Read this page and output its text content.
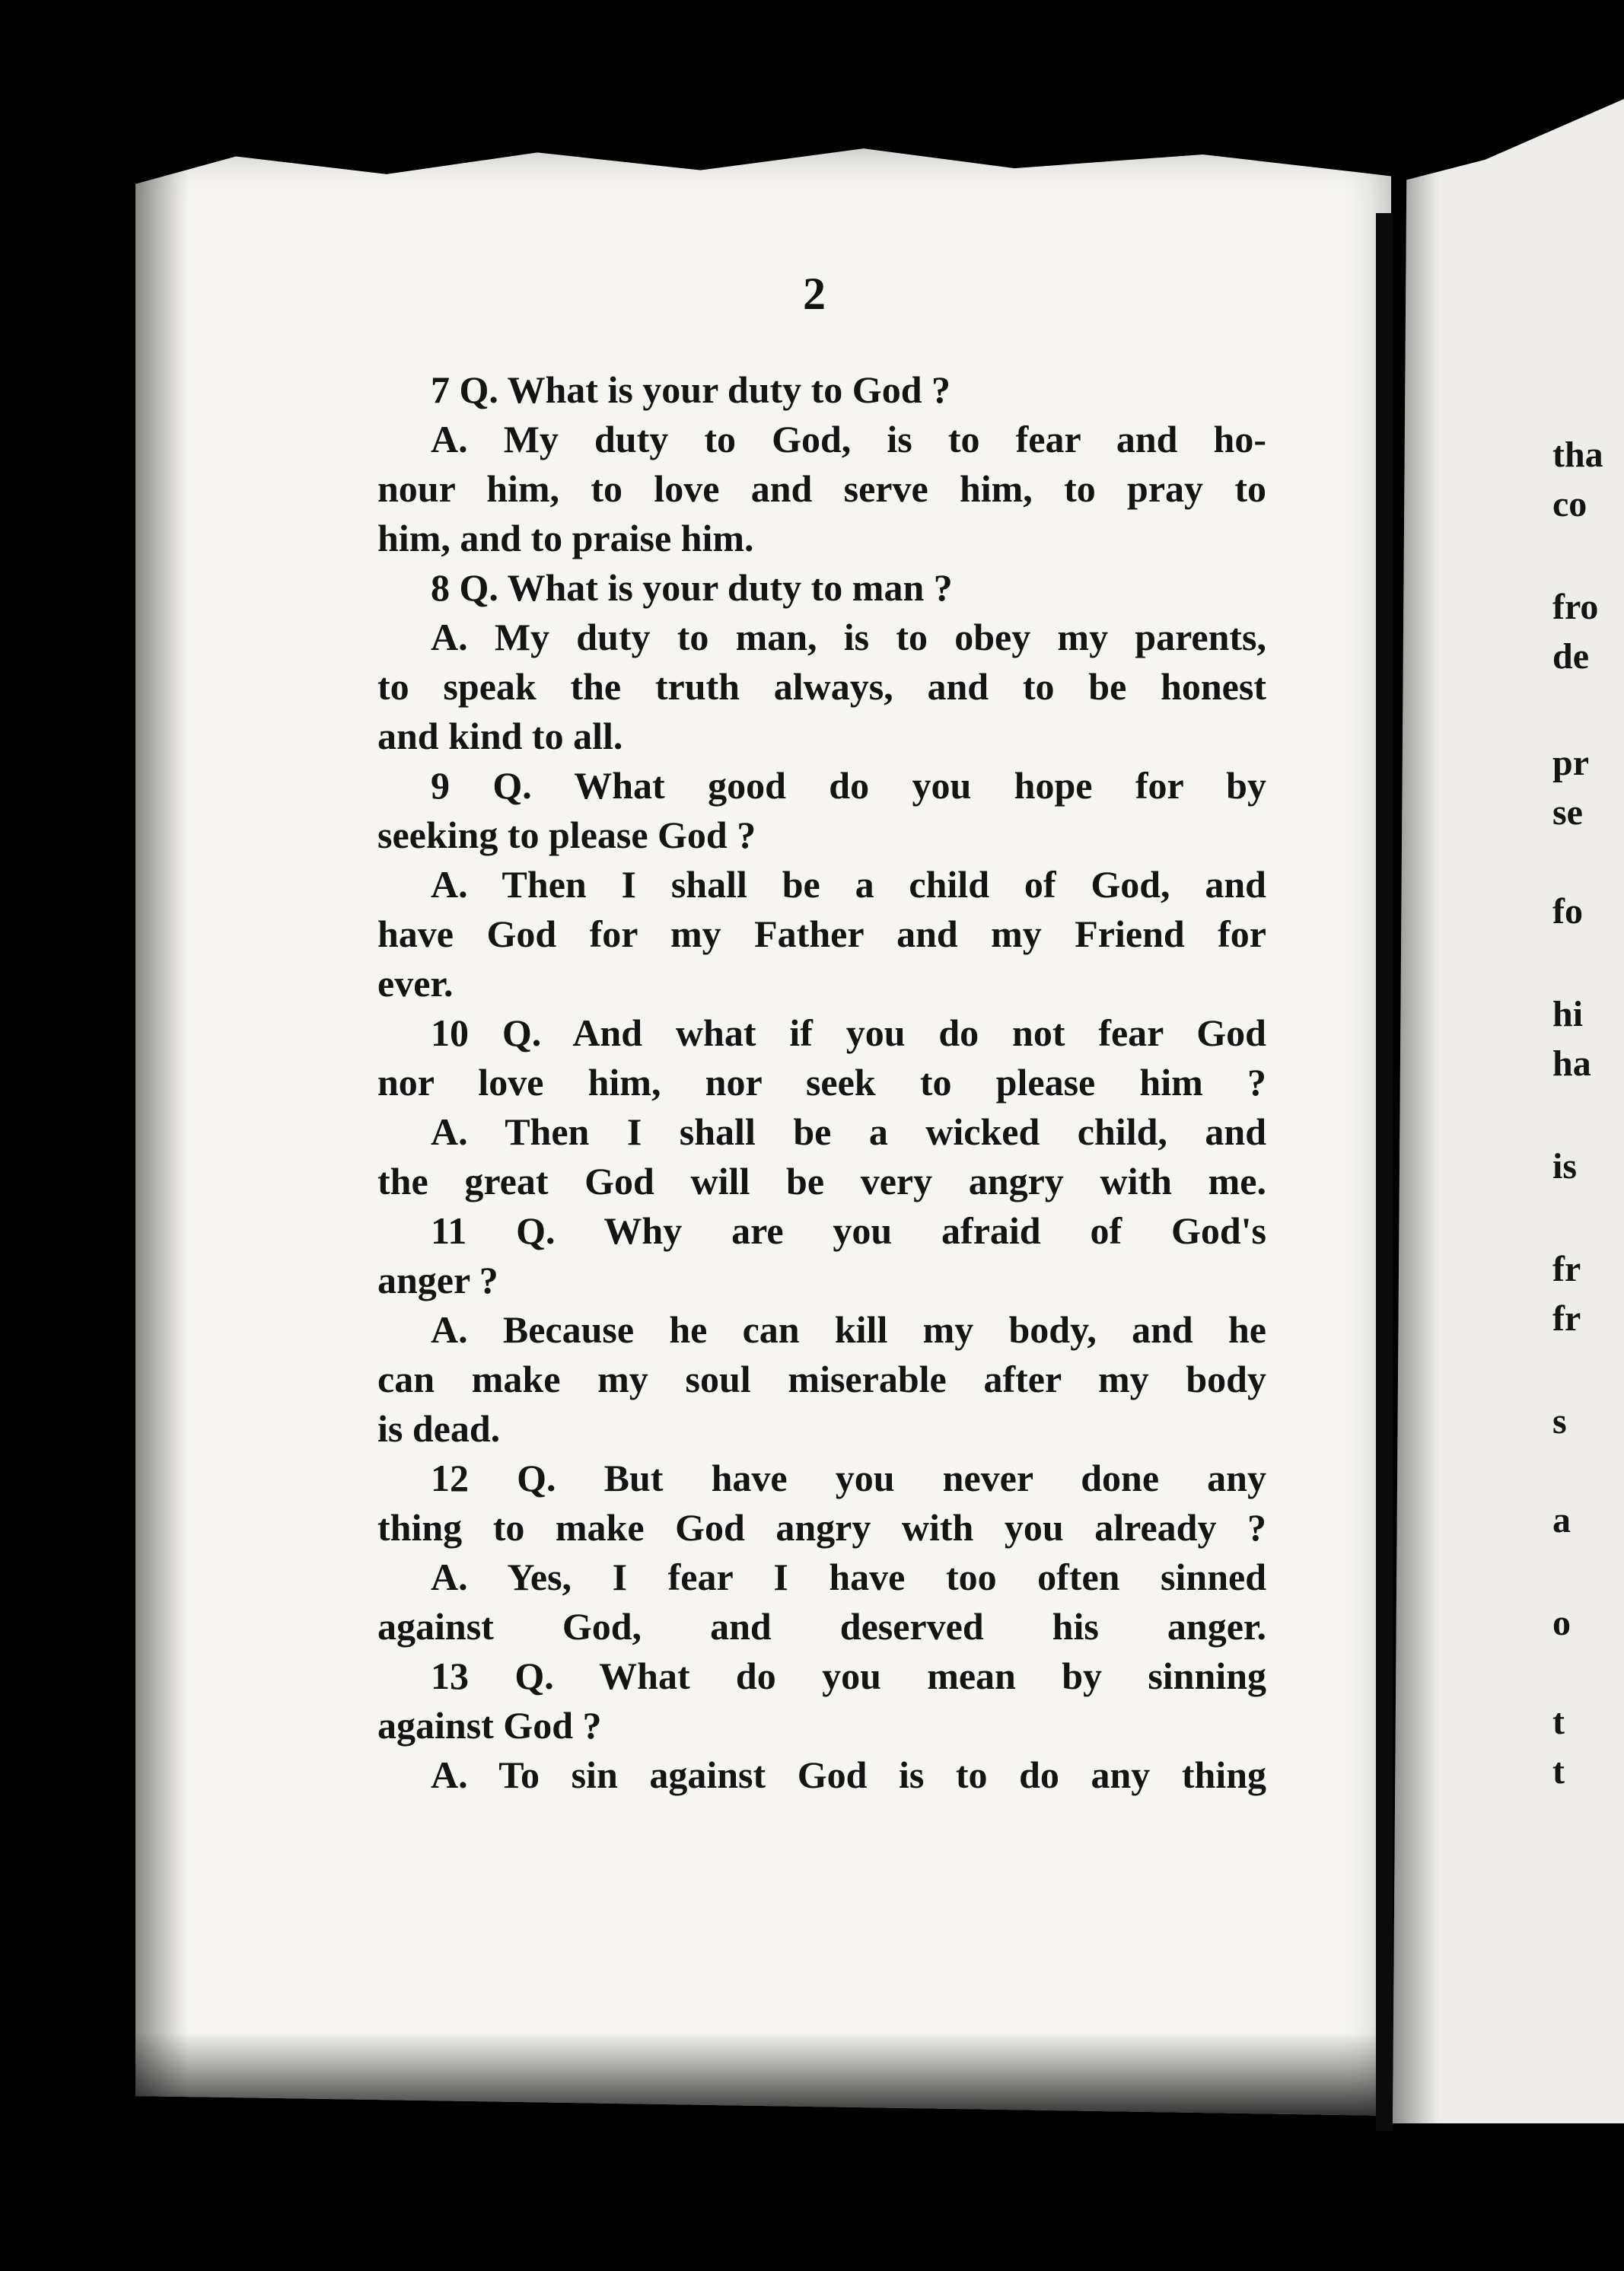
2
7 Q. What is your duty to God ?
A. My duty to God, is to fear and ho-
nour him, to love and serve him, to pray to
him, and to praise him.
8 Q. What is your duty to man ?
A. My duty to man, is to obey my parents,
to speak the truth always, and to be honest
and kind to all.
9 Q. What good do you hope for by
seeking to please God ?
A. Then I shall be a child of God, and
have God for my Father and my Friend for
ever.
10 Q. And what if you do not fear God
nor love him, nor seek to please him ?
A. Then I shall be a wicked child, and
the great God will be very angry with me.
11 Q. Why are you afraid of God's
anger ?
A. Because he can kill my body, and he
can make my soul miserable after my body
is dead.
12 Q. But have you never done any
thing to make God angry with you already ?
A. Yes, I fear I have too often sinned
against God, and deserved his anger.
13 Q. What do you mean by sinning
against God ?
A. To sin against God is to do any thing
tha
co
fro
de
pr
se
fo
hi
ha
is
fr
fr
s
a
o
t
t
